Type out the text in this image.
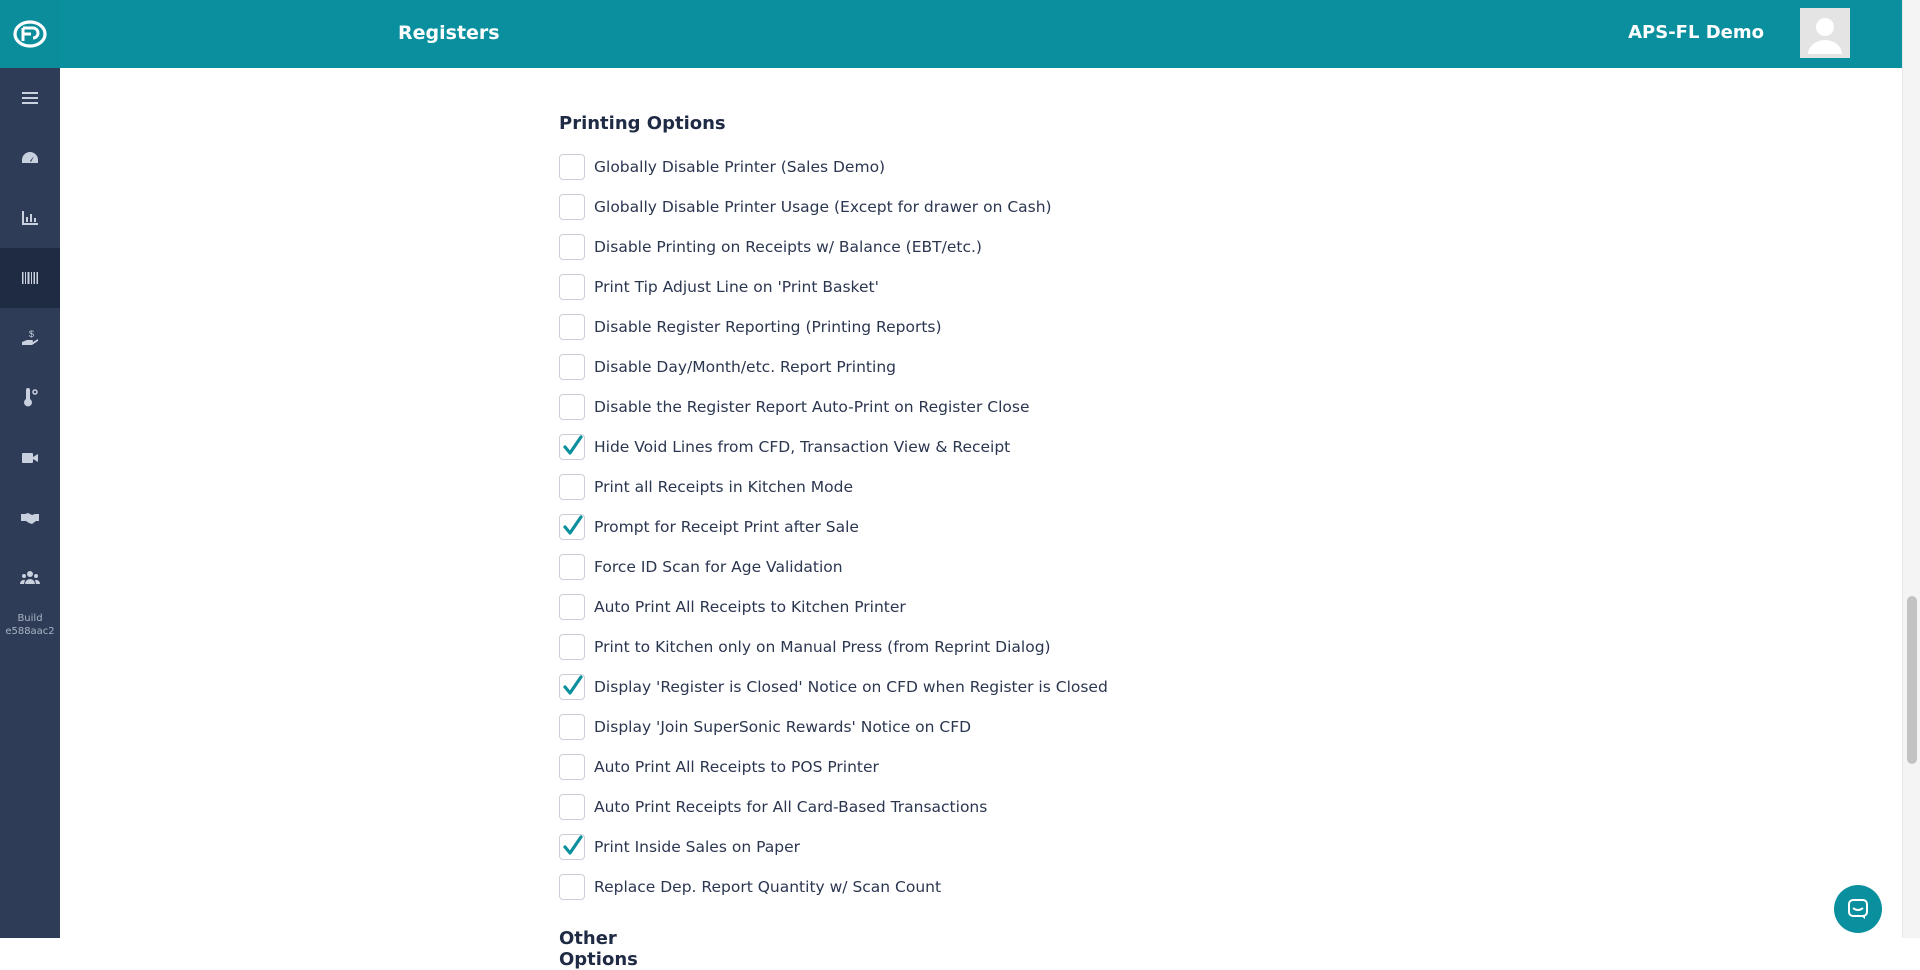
$
Build
e588aac2
Registers	APS-FL Demo
Printing Options
Globally Disable Printer (Sales Demo)
Globally Disable Printer Usage (Except for drawer on Cash)
Disable Printing on Receipts w/ Balance (EBT/etc.)
Print Tip Adjust Line on 'Print Basket'
Disable Register Reporting (Printing Reports)
Disable Day/Month/etc. Report Printing
Disable the Register Report Auto-Print on Register Close
Hide Void Lines from CFD, Transaction View & Receipt
Print all Receipts in Kitchen Mode
Prompt for Receipt Print after Sale
Force ID Scan for Age Validation
Auto Print All Receipts to Kitchen Printer
Print to Kitchen only on Manual Press (from Reprint Dialog)
Display 'Register is Closed' Notice on CFD when Register is Closed
Display 'Join SuperSonic Rewards' Notice on CFD
Auto Print All Receipts to POS Printer
Auto Print Receipts for All Card-Based Transactions
Print Inside Sales on Paper
Replace Dep. Report Quantity w/ Scan Count
Other Options
